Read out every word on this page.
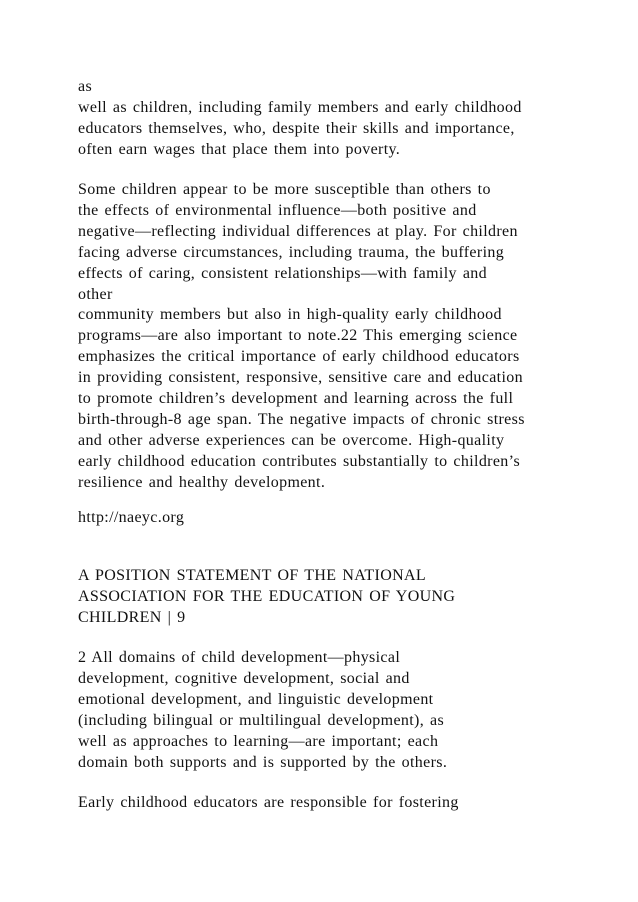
as
well as children, including family members and early childhood
educators themselves, who, despite their skills and importance,
often earn wages that place them into poverty.
Some children appear to be more susceptible than others to
the effects of environmental influence—both positive and
negative—reflecting individual differences at play. For children
facing adverse circumstances, including trauma, the buffering
effects of caring, consistent relationships—with family and
other
community members but also in high-quality early childhood
programs—are also important to note.22 This emerging science
emphasizes the critical importance of early childhood educators
in providing consistent, responsive, sensitive care and education
to promote children’s development and learning across the full
birth-through-8 age span. The negative impacts of chronic stress
and other adverse experiences can be overcome. High-quality
early childhood education contributes substantially to children’s
resilience and healthy development.
http://naeyc.org
A POSITION STATEMENT OF THE NATIONAL
ASSOCIATION FOR THE EDUCATION OF YOUNG
CHILDREN | 9
2 All domains of child development—physical
development, cognitive development, social and
emotional development, and linguistic development
(including bilingual or multilingual development), as
well as approaches to learning—are important; each
domain both supports and is supported by the others.
Early childhood educators are responsible for fostering
